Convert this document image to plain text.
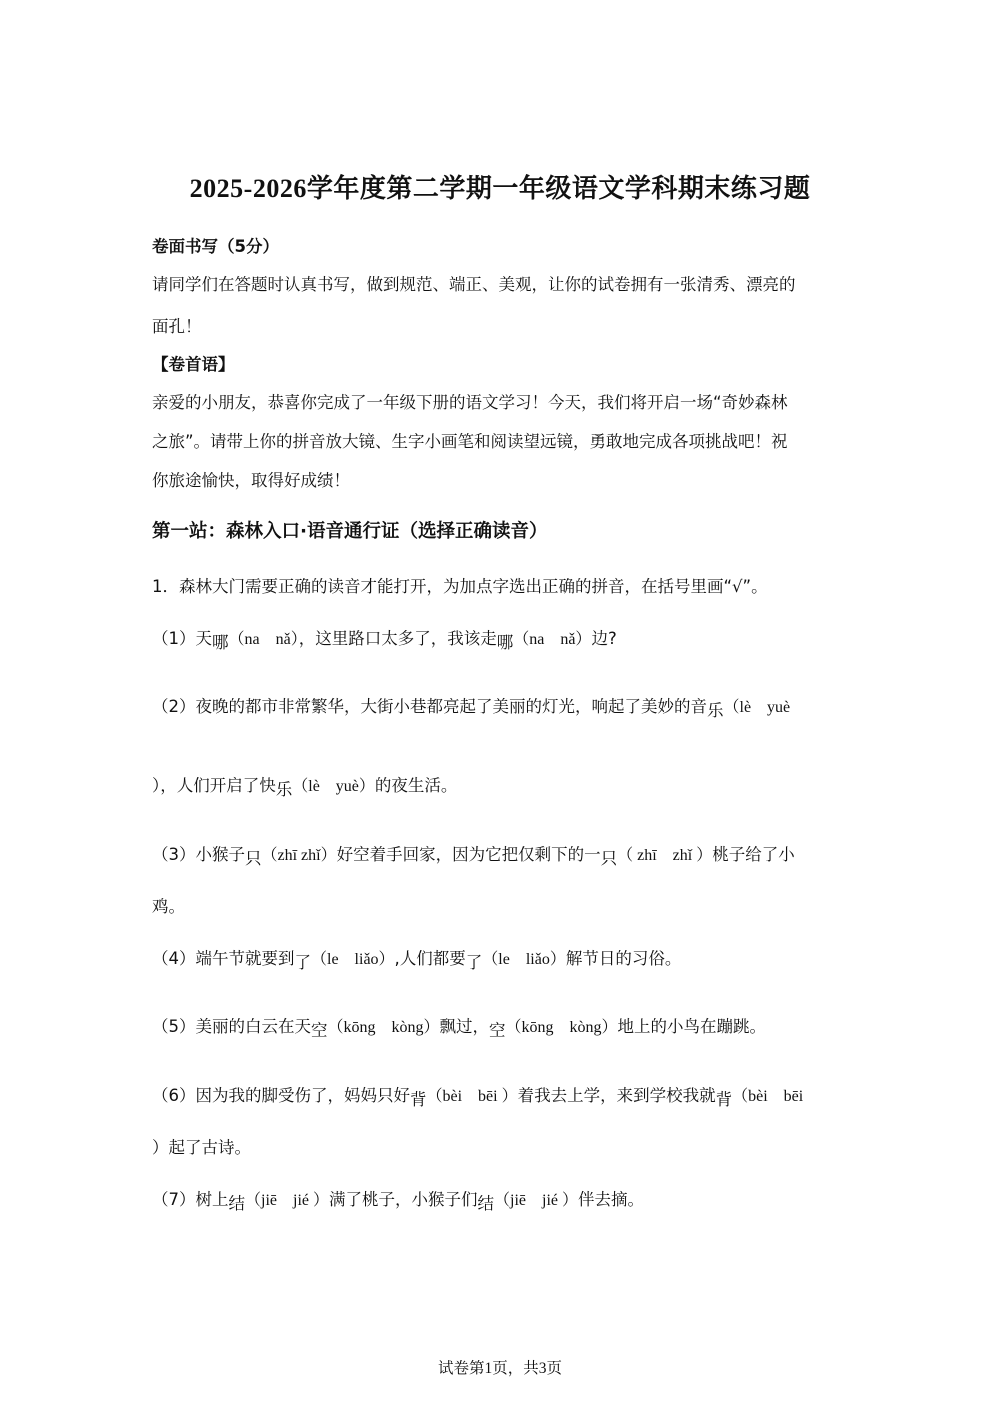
2025-2026学年度第二学期一年级语文学科期末练习题
卷面书写（5分）
请同学们在答题时认真书写，做到规范、端正、美观，让你的试卷拥有一张清秀、漂亮的
面孔！
【卷首语】
亲爱的小朋友，恭喜你完成了一年级下册的语文学习！今天，我们将开启一场“奇妙森林
之旅”。请带上你的拼音放大镜、生字小画笔和阅读望远镜，勇敢地完成各项挑战吧！祝
你旅途愉快，取得好成绩！
第一站：森林入口·语音通行证（选择正确读音）
1．森林大门需要正确的读音才能打开，为加点字选出正确的拼音，在括号里画“√”。
（1）天哪（na　nǎ），这里路口太多了，我该走哪（na　nǎ）边?
（2）夜晚的都市非常繁华，大街小巷都亮起了美丽的灯光，响起了美妙的音乐（lè　yuè
），人们开启了快乐（lè　yuè）的夜生活。
（3）小猴子只（zhī zhǐ）好空着手回家，因为它把仅剩下的一只（ zhī　zhǐ ）桃子给了小
鸡。
（4）端午节就要到了（le　liǎo）,人们都要了（le　liǎo）解节日的习俗。
（5）美丽的白云在天空（kōng　kòng）飘过，空（kōng　kòng）地上的小鸟在蹦跳。
（6）因为我的脚受伤了，妈妈只好背（bèi　bēi ）着我去上学，来到学校我就背（bèi　bēi
）起了古诗。
（7）树上结（jiē　jié ）满了桃子，小猴子们结（jiē　jié ）伴去摘。
试卷第1页，共3页
